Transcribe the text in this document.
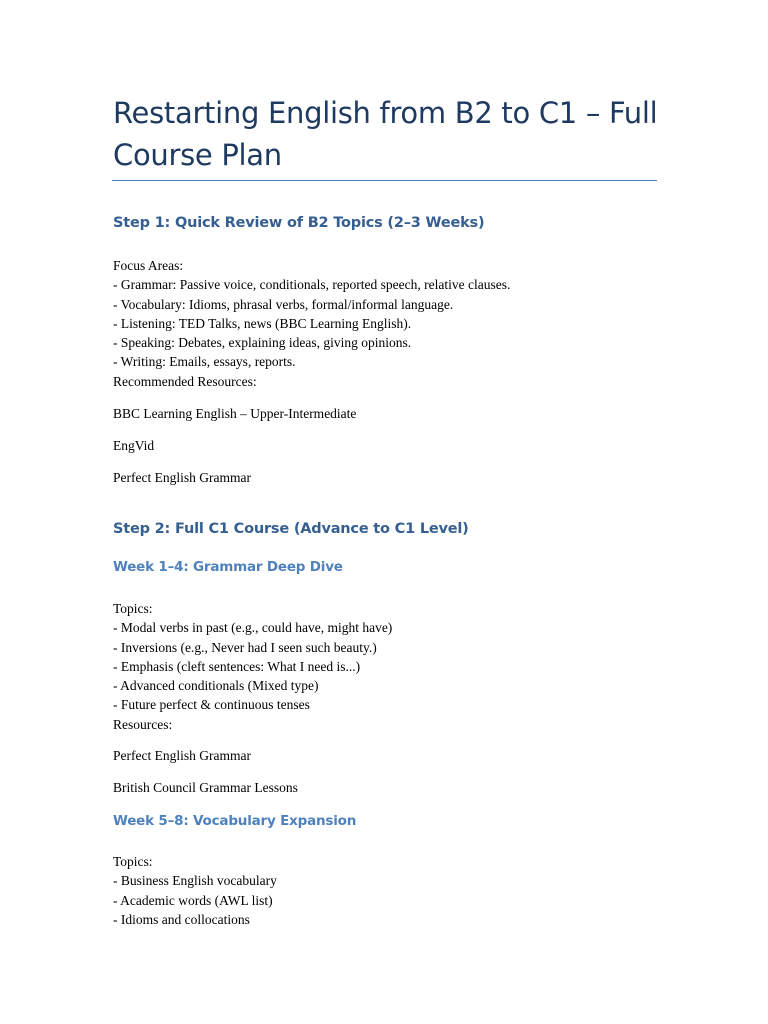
Restarting English from B2 to C1 – Full Course Plan
Step 1: Quick Review of B2 Topics (2–3 Weeks)
Focus Areas:
- Grammar: Passive voice, conditionals, reported speech, relative clauses.
- Vocabulary: Idioms, phrasal verbs, formal/informal language.
- Listening: TED Talks, news (BBC Learning English).
- Speaking: Debates, explaining ideas, giving opinions.
- Writing: Emails, essays, reports.
Recommended Resources:
BBC Learning English – Upper-Intermediate
EngVid
Perfect English Grammar
Step 2: Full C1 Course (Advance to C1 Level)
Week 1–4: Grammar Deep Dive
Topics:
- Modal verbs in past (e.g., could have, might have)
- Inversions (e.g., Never had I seen such beauty.)
- Emphasis (cleft sentences: What I need is...)
- Advanced conditionals (Mixed type)
- Future perfect & continuous tenses
Resources:
Perfect English Grammar
British Council Grammar Lessons
Week 5–8: Vocabulary Expansion
Topics:
- Business English vocabulary
- Academic words (AWL list)
- Idioms and collocations
